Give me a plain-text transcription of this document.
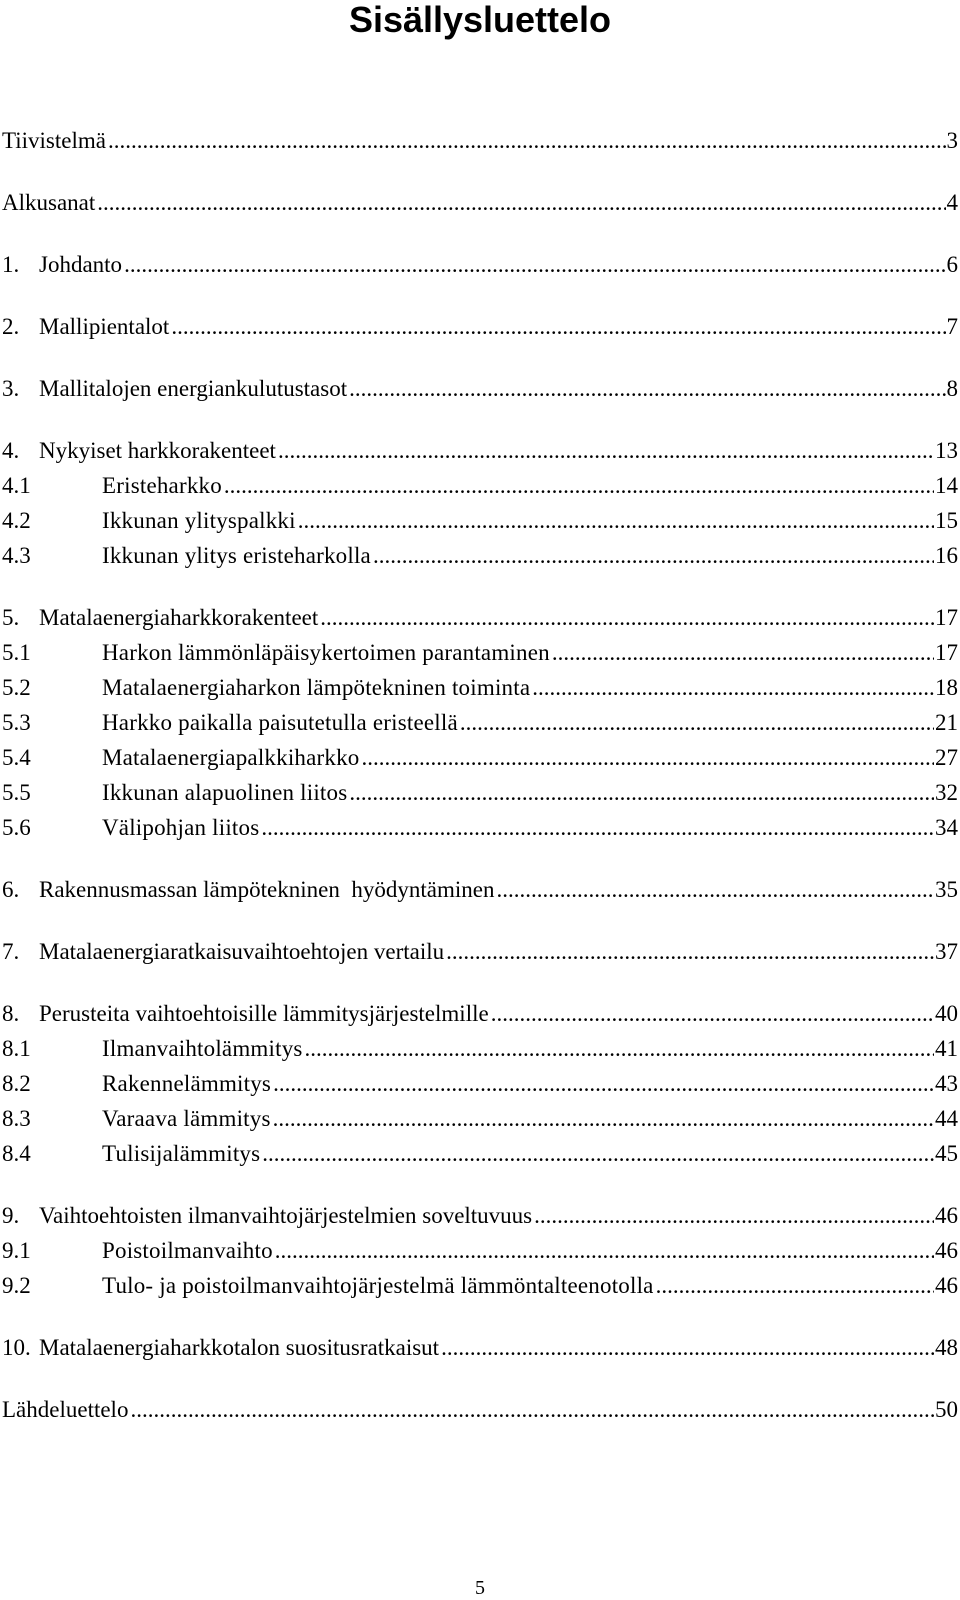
Sisällysluettelo
Tiivistelmä .....	3
Alkusanat .....	4
1. Johdanto .....	6
2. Mallipientalot .....	7
3. Mallitalojen energiankulutustasot .....	8
4. Nykyiset harkkorakenteet .....	13
4.1	Eristeharkko .....	14
4.2	Ikkunan ylityspalkki .....	15
4.3	Ikkunan ylitys eristeharkolla .....	16
5. Matalaenergiaharkkorakenteet .....	17
5.1	Harkon lämmönläpäisykertoimen parantaminen .....	17
5.2	Matalaenergiaharkon lämpötekninen toiminta .....	18
5.3	Harkko paikalla paisutetulla eristeellä .....	21
5.4	Matalaenergiapalkkiharkko .....	27
5.5	Ikkunan alapuolinen liitos .....	32
5.6	Välipohjan liitos .....	34
6. Rakennusmassan lämpötekninen  hyödyntäminen .....	35
7. Matalaenergiaratkaisuvaihtoehtojen vertailu .....	37
8. Perusteita vaihtoehtoisille lämmitysjärjestelmille .....	40
8.1	Ilmanvaihtolämmitys .....	41
8.2	Rakennelämmitys .....	43
8.3	Varaava lämmitys .....	44
8.4	Tulisijalämmitys .....	45
9. Vaihtoehtoisten ilmanvaihtojärjestelmien soveltuvuus .....	46
9.1	Poistoilmanvaihto .....	46
9.2	Tulo- ja poistoilmanvaihtojärjestelmä lämmöntalteenotolla .....	46
10. Matalaenergiaharkkotalon suositusratkaisut .....	48
Lähdeluettelo .....	50
5
